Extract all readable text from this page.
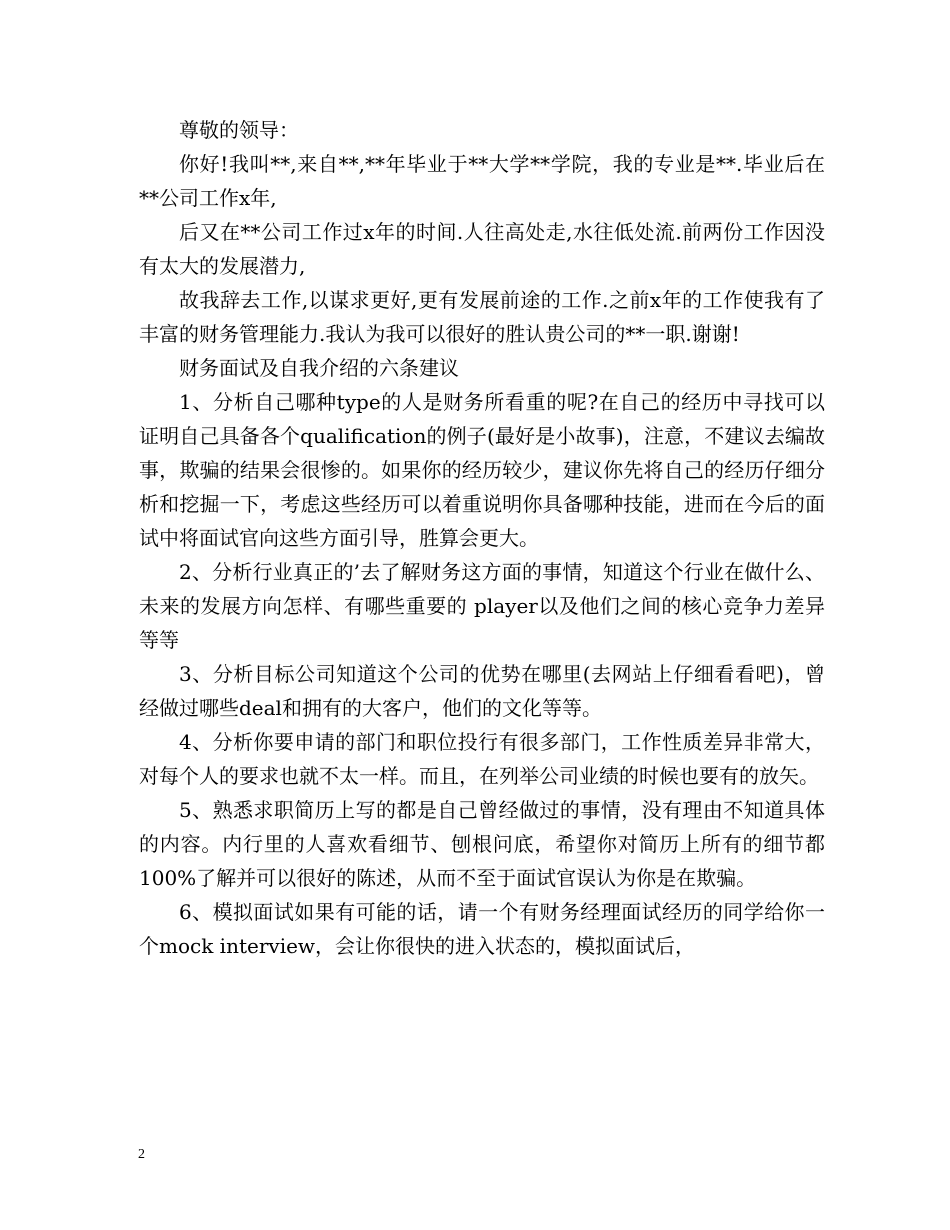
尊敬的领导：

你好!我叫**,来自**,**年毕业于**大学**学院，我的专业是**.毕业后在**公司工作x年,

后又在**公司工作过x年的时间.人往高处走,水往低处流.前两份工作因没有太大的发展潜力,

故我辞去工作,以谋求更好,更有发展前途的工作.之前x年的工作使我有了丰富的财务管理能力.我认为我可以很好的胜认贵公司的**一职.谢谢!

财务面试及自我介绍的六条建议

1、分析自己哪种type的人是财务所看重的呢?在自己的经历中寻找可以证明自己具备各个qualification的例子(最好是小故事)，注意，不建议去编故事，欺骗的结果会很惨的。如果你的经历较少，建议你先将自己的经历仔细分析和挖掘一下，考虑这些经历可以着重说明你具备哪种技能，进而在今后的面试中将面试官向这些方面引导，胜算会更大。

2、分析行业真正的’去了解财务这方面的事情，知道这个行业在做什么、未来的发展方向怎样、有哪些重要的 player以及他们之间的核心竞争力差异等等

3、分析目标公司知道这个公司的优势在哪里(去网站上仔细看看吧)，曾经做过哪些deal和拥有的大客户，他们的文化等等。

4、分析你要申请的部门和职位投行有很多部门，工作性质差异非常大，对每个人的要求也就不太一样。而且，在列举公司业绩的时候也要有的放矢。

5、熟悉求职简历上写的都是自己曾经做过的事情，没有理由不知道具体的内容。内行里的人喜欢看细节、刨根问底，希望你对简历上所有的细节都100%了解并可以很好的陈述，从而不至于面试官误认为你是在欺骗。

6、模拟面试如果有可能的话，请一个有财务经理面试经历的同学给你一个mock interview，会让你很快的进入状态的，模拟面试后，

2
